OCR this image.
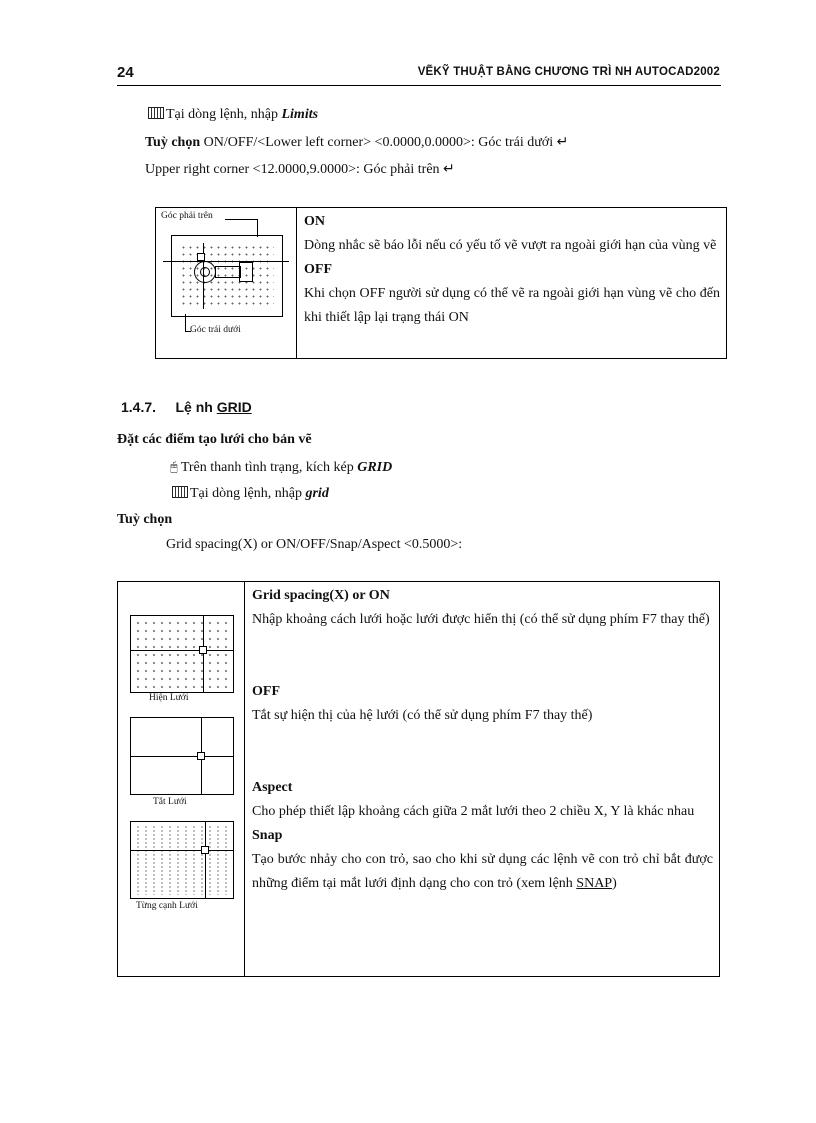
24	VẼKỸ THUẬT BẰNG CHƯƠNG TRÌ NH AUTOCAD2002
Tại dòng lệnh, nhập Limits
Tuỳ chọn ON/OFF/<Lower left corner> <0.0000,0.0000>: Góc trái dưới ↵
Upper right corner <12.0000,9.0000>: Góc phải trên ↵
Góc phải trên
Góc trái dưới

ON
Dòng nhắc sẽ báo lỗi nếu có yếu tố vẽ vượt ra ngoài giới hạn của vùng vẽ
OFF
Khi chọn OFF người sử dụng có thể vẽ ra ngoài giới hạn vùng vẽ cho đến khi thiết lập lại trạng thái ON
1.4.7. Lệ nh GRID
Đặt các điểm tạo lưới cho bản vẽ
🖰 Trên thanh tình trạng, kích kép GRID
Tại dòng lệnh, nhập grid
Tuỳ chọn
Grid spacing(X) or ON/OFF/Snap/Aspect <0.5000>:
Hiện Lưới
Tắt Lưới
Từng cạnh Lưới

Grid spacing(X) or ON
Nhập khoảng cách lưới hoặc lưới được hiển thị (có thể sử dụng phím F7 thay thế)
OFF
Tắt sự hiện thị của hệ lưới (có thể sử dụng phím F7 thay thế)
Aspect
Cho phép thiết lập khoảng cách giữa 2 mắt lưới theo 2 chiều X, Y là khác nhau
Snap
Tạo bước nhảy cho con trỏ, sao cho khi sử dụng các lệnh vẽ con trỏ chỉ bắt được những điểm tại mắt lưới định dạng cho con trỏ (xem lệnh SNAP)
